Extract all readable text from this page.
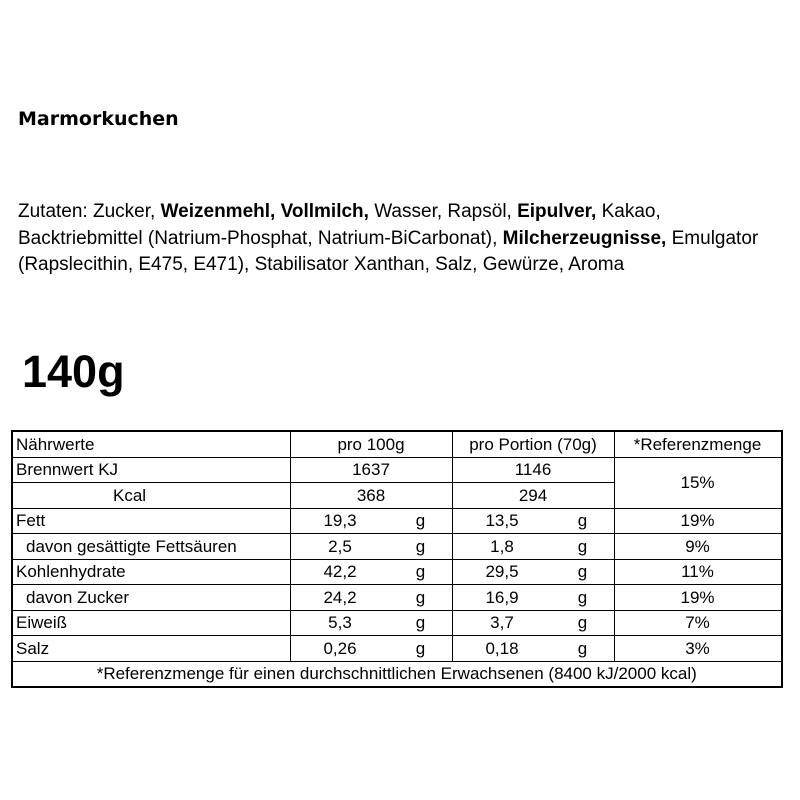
Marmorkuchen
Zutaten: Zucker, Weizenmehl, Vollmilch, Wasser, Rapsöl, Eipulver, Kakao, Backtriebmittel (Natrium-Phosphat, Natrium-BiCarbonat), Milcherzeugnisse, Emulgator (Rapslecithin, E475, E471), Stabilisator Xanthan, Salz, Gewürze, Aroma
140g
Nährwerte	pro 100g		pro Portion (70g)		*Referenzmenge
Brennwert KJ	1637		1146		15%
Kcal	368		294		
Fett	19,3	g	13,5	g	19%
davon gesättigte Fettsäuren	2,5	g	1,8	g	9%
Kohlenhydrate	42,2	g	29,5	g	11%
davon Zucker	24,2	g	16,9	g	19%
Eiweiß	5,3	g	3,7	g	7%
Salz	0,26	g	0,18	g	3%
*Referenzmenge für einen durchschnittlichen Erwachsenen (8400 kJ/2000 kcal)					
